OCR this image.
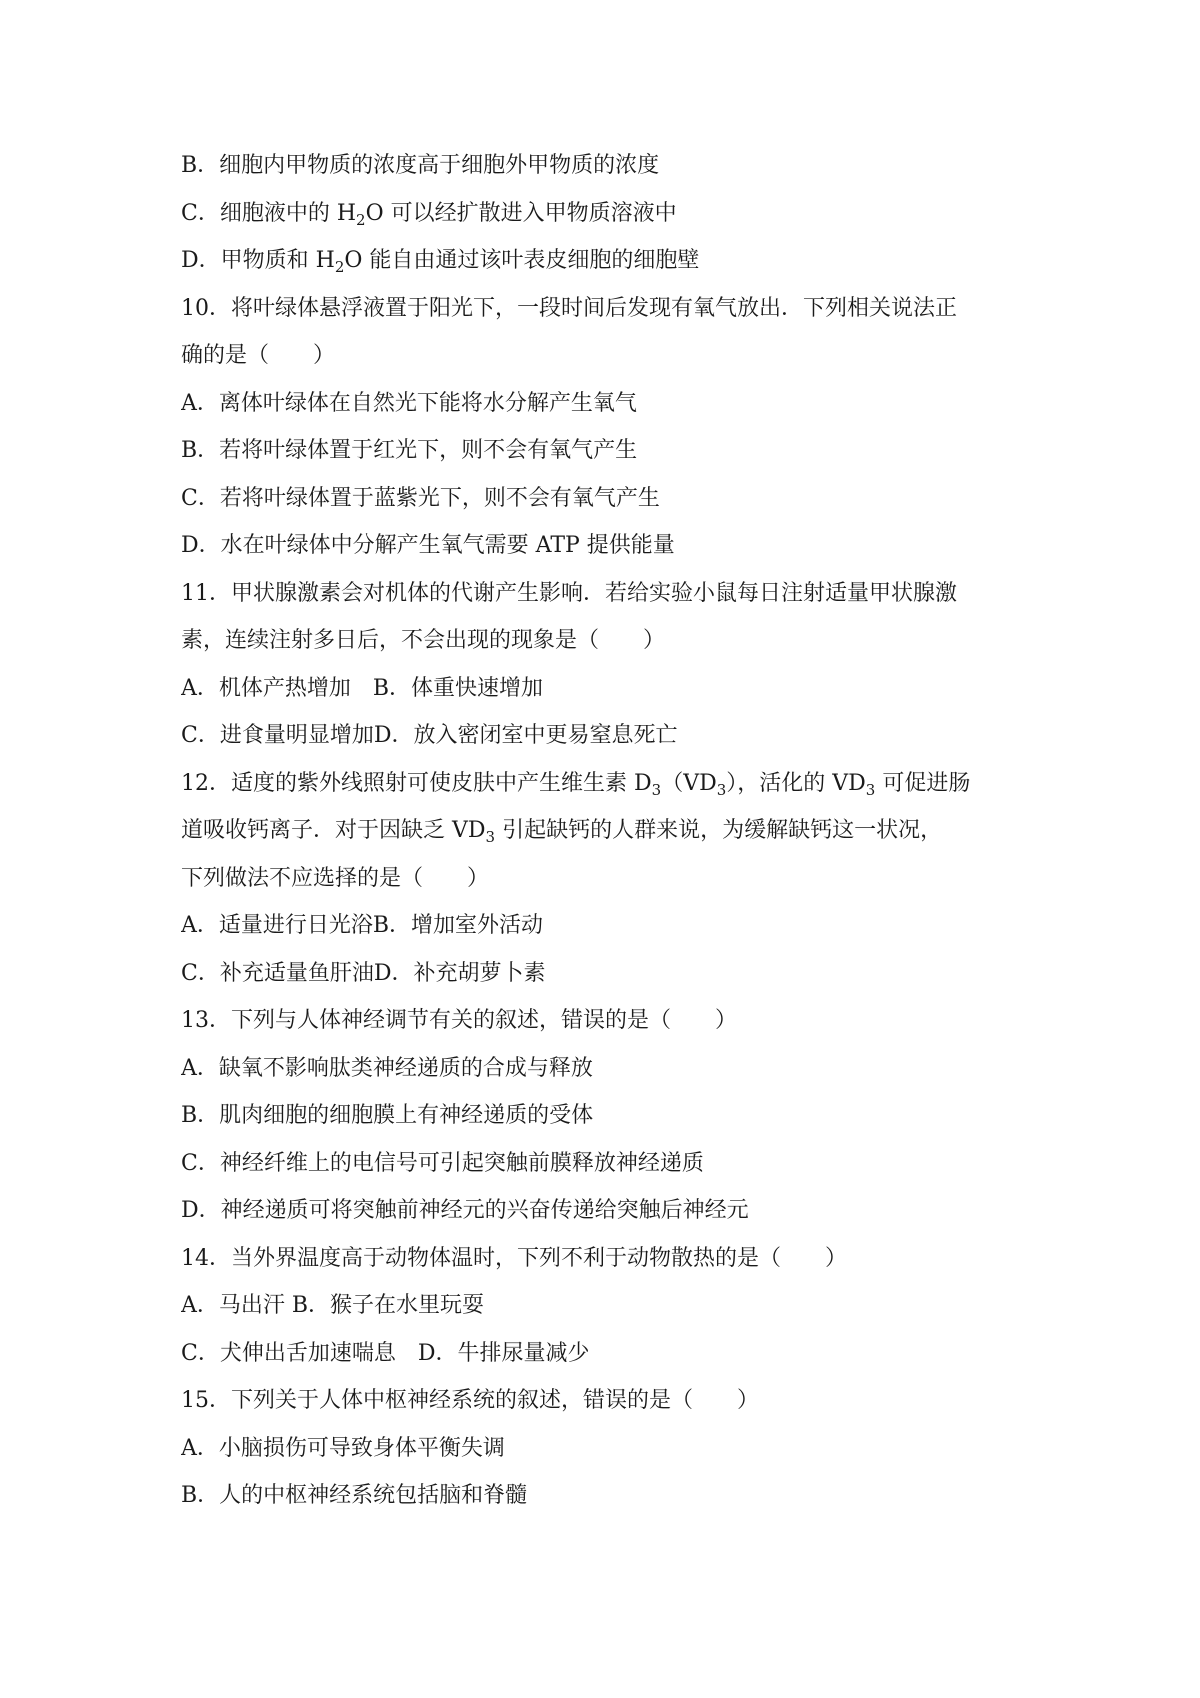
B．细胞内甲物质的浓度高于细胞外甲物质的浓度
C．细胞液中的 $H_2O$ 可以经扩散进入甲物质溶液中
D．甲物质和 $H_2O$ 能自由通过该叶表皮细胞的细胞壁
10．将叶绿体悬浮液置于阳光下，一段时间后发现有氧气放出．下列相关说法正
确的是（　　）
A．离体叶绿体在自然光下能将水分解产生氧气
B．若将叶绿体置于红光下，则不会有氧气产生
C．若将叶绿体置于蓝紫光下，则不会有氧气产生
D．水在叶绿体中分解产生氧气需要 ATP 提供能量
11．甲状腺激素会对机体的代谢产生影响．若给实验小鼠每日注射适量甲状腺激
素，连续注射多日后，不会出现的现象是（　　）
A．机体产热增加　B．体重快速增加
C．进食量明显增加D．放入密闭室中更易窒息死亡
12．适度的紫外线照射可使皮肤中产生维生素 $D_3(VD_3)$，活化的 $VD_3$ 可促进肠
道吸收钙离子．对于因缺乏 $VD_3$ 引起缺钙的人群来说，为缓解缺钙这一状况，
下列做法不应选择的是（　　）
A．适量进行日光浴B．增加室外活动
C．补充适量鱼肝油D．补充胡萝卜素
13．下列与人体神经调节有关的叙述，错误的是（　　）
A．缺氧不影响肽类神经递质的合成与释放
B．肌肉细胞的细胞膜上有神经递质的受体
C．神经纤维上的电信号可引起突触前膜释放神经递质
D．神经递质可将突触前神经元的兴奋传递给突触后神经元
14．当外界温度高于动物体温时，下列不利于动物散热的是（　　）
A．马出汗 B．猴子在水里玩耍
C．犬伸出舌加速喘息　D．牛排尿量减少
15．下列关于人体中枢神经系统的叙述，错误的是（　　）
A．小脑损伤可导致身体平衡失调
B．人的中枢神经系统包括脑和脊髓
